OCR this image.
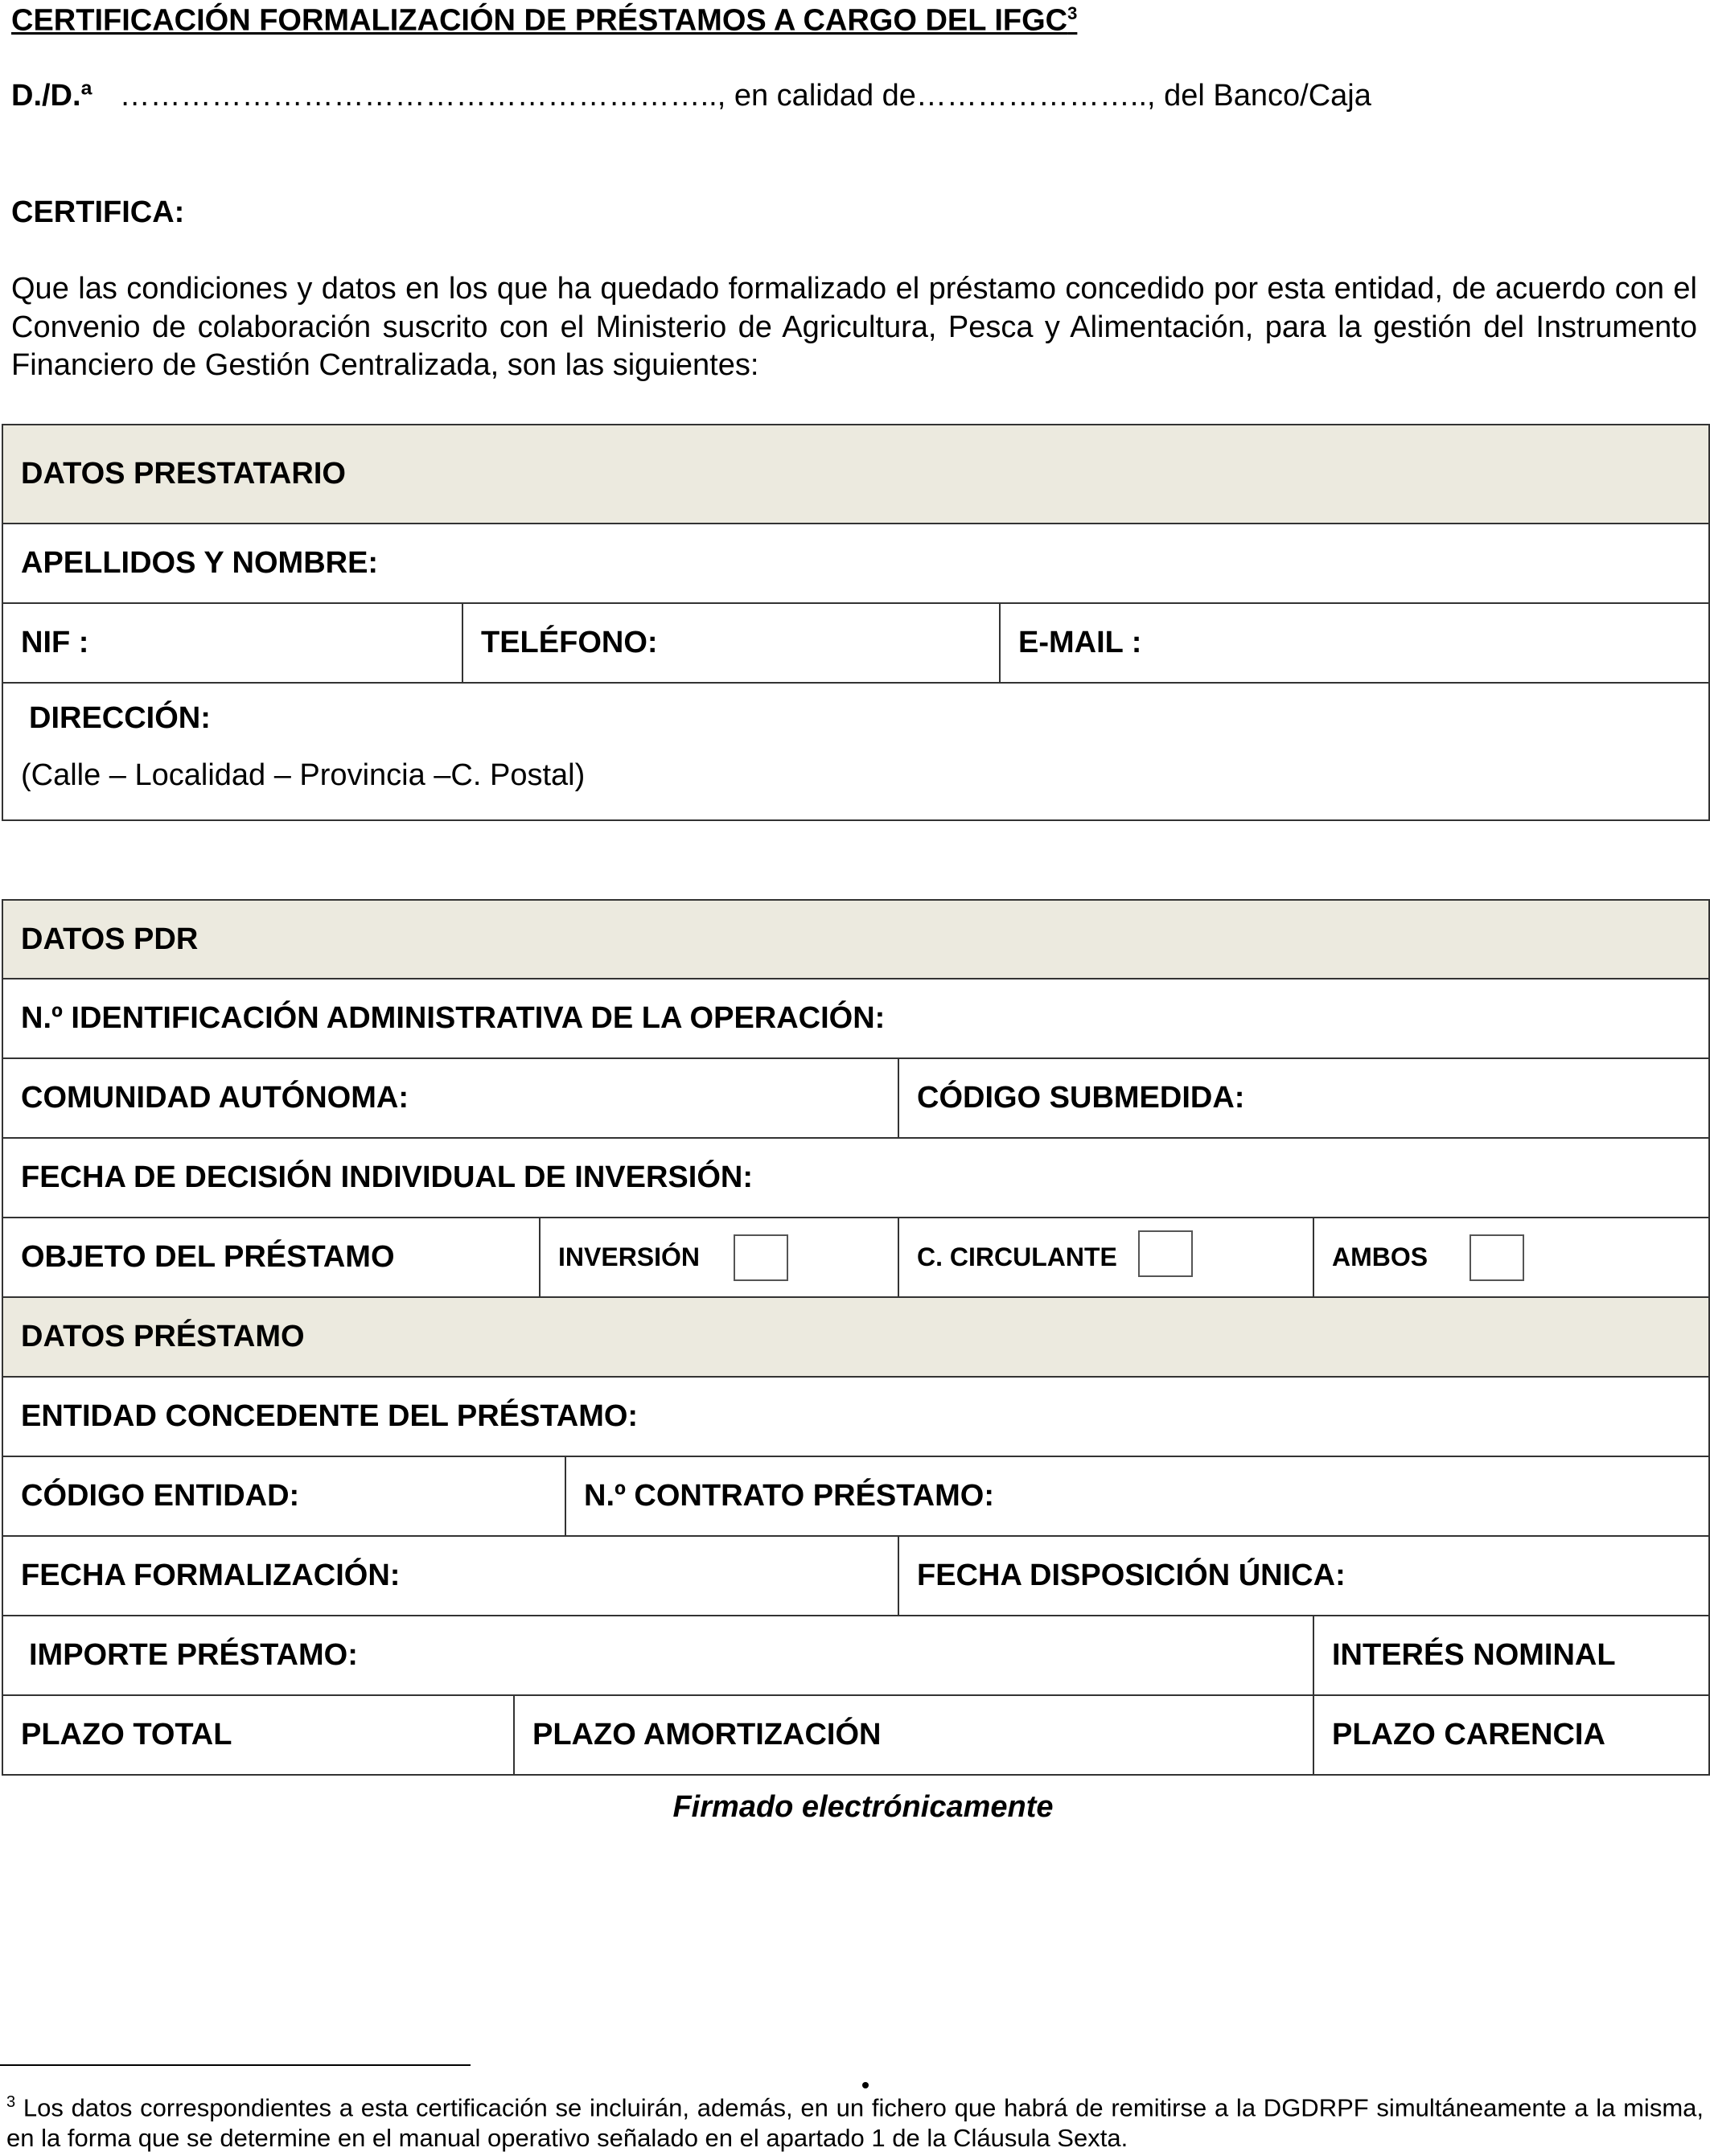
CERTIFICACIÓN FORMALIZACIÓN DE PRÉSTAMOS A CARGO DEL IFGC$^3$
D./D.ª ………………………………………………….., en calidad de………………….., del Banco/Caja
CERTIFICA:
Que las condiciones y datos en los que ha quedado formalizado el préstamo concedido por esta entidad, de acuerdo con el Convenio de colaboración suscrito con el Ministerio de Agricultura, Pesca y Alimentación, para la gestión del Instrumento Financiero de Gestión Centralizada, son las siguientes:
DATOS PRESTATARIO
APELLIDOS Y NOMBRE:
NIF :	TELÉFONO:	E-MAIL :
DIRECCIÓN:
(Calle – Localidad – Provincia –C. Postal)
DATOS PDR					
N.º IDENTIFICACIÓN ADMINISTRATIVA DE LA OPERACIÓN:					
COMUNIDAD AUTÓNOMA:				CÓDIGO SUBMEDIDA:	
FECHA DE DECISIÓN INDIVIDUAL DE INVERSIÓN:					
OBJETO DEL PRÉSTAMO		INVERSIÓN		C. CIRCULANTE	AMBOS
DATOS PRÉSTAMO					
ENTIDAD CONCEDENTE DEL PRÉSTAMO:					
CÓDIGO ENTIDAD:			N.º CONTRATO PRÉSTAMO:		
FECHA FORMALIZACIÓN:				FECHA DISPOSICIÓN ÚNICA:	
IMPORTE PRÉSTAMO:					INTERÉS NOMINAL
PLAZO TOTAL	PLAZO AMORTIZACIÓN				PLAZO CARENCIA
Firmado electrónicamente
$^3$ Los datos correspondientes a esta certificación se incluirán, además, en un fichero que habrá de remitirse a la DGDRPF simultáneamente a la misma, en la forma que se determine en el manual operativo señalado en el apartado 1 de la Cláusula Sexta.
